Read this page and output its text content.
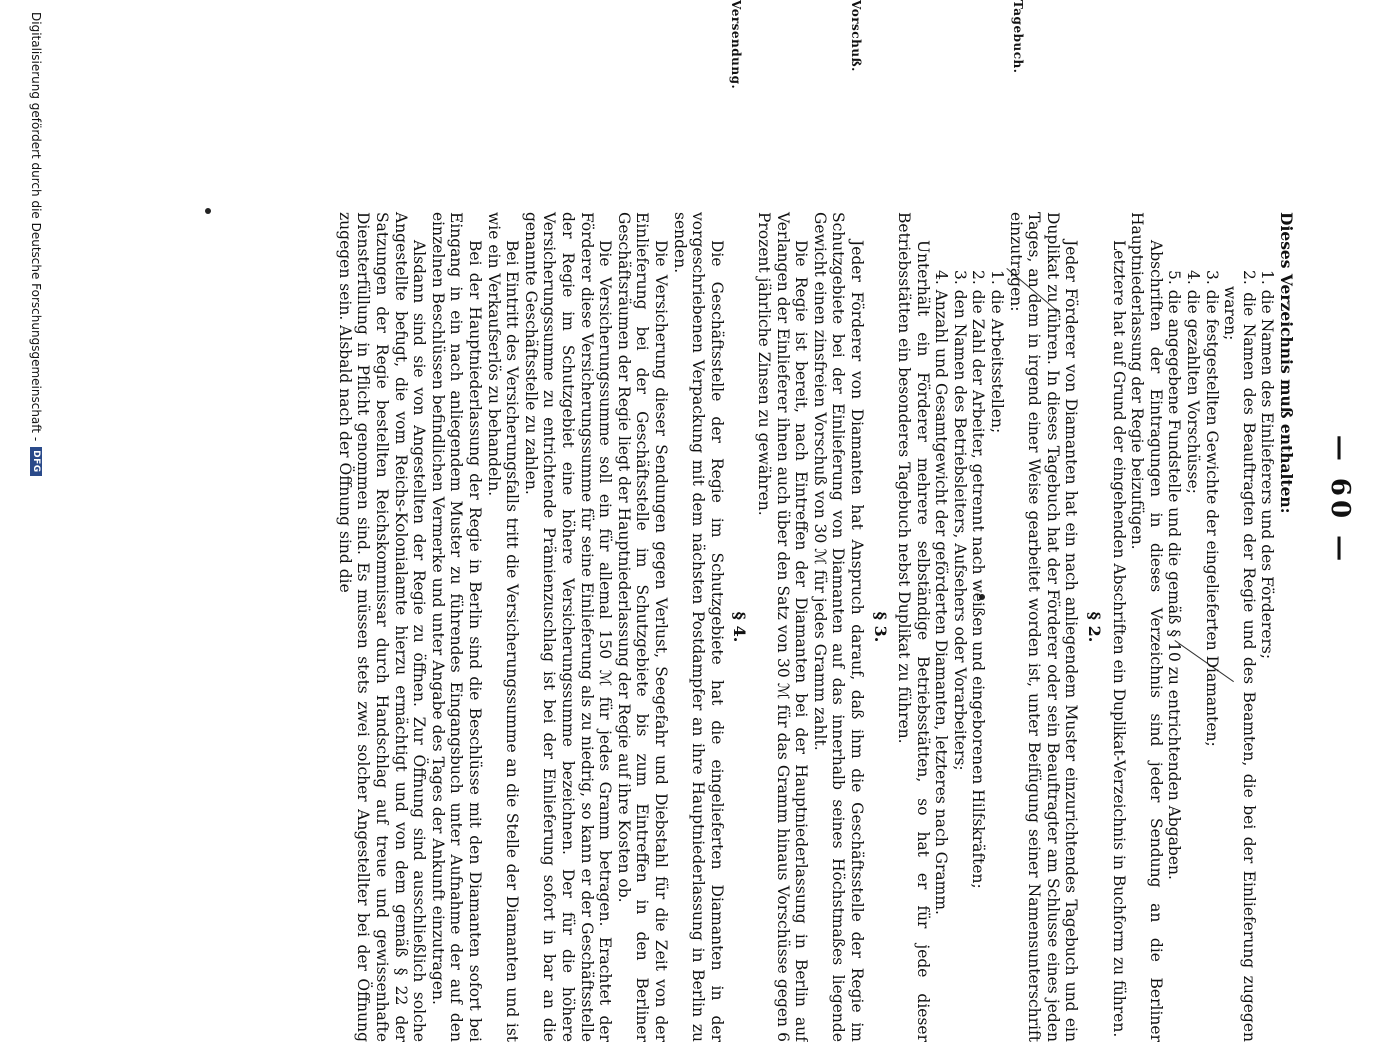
— 60 —
Tagebuch.
Vorschuß.
Versendung.

Dieses Verzeichnis muß enthalten:

1. die Namen des Einlieferers und des Förderers;

2. die Namen des Beauftragten der Regie und des Beamten, die bei der Einlieferung zugegen waren;

3. die festgestellten Gewichte der eingelieferten Diamanten;

4. die gezahlten Vorschüsse;

5. die angegebene Fundstelle und die gemäß § 10 zu entrichtenden Abgaben.

Abschriften der Eintragungen in dieses Verzeichnis sind jeder Sendung an die Berliner Hauptniederlassung der Regie beizufügen.

Letztere hat auf Grund der eingehenden Abschriften ein Duplikat-Verzeichnis in Buchform zu führen.

§ 2.

Jeder Förderer von Diamanten hat ein nach anliegendem Muster einzurichtendes Tagebuch und ein Duplikat zu führen. In dieses Tagebuch hat der Förderer oder sein Beauftragter am Schlusse eines jeden Tages, an dem in irgend einer Weise gearbeitet worden ist, unter Beifügung seiner Namensunterschrift einzutragen:

1. die Arbeitsstellen;

2. die Zahl der Arbeiter, getrennt nach weißen und eingeborenen Hilfskräften;

3. den Namen des Betriebsleiters, Aufsehers oder Vorarbeiters;

4. Anzahl und Gesamtgewicht der geförderten Diamanten, letzteres nach Gramm.

Unterhält ein Förderer mehrere selbständige Betriebsstätten, so hat er für jede dieser Betriebsstätten ein besonderes Tagebuch nebst Duplikat zu führen.

§ 3.

Jeder Förderer von Diamanten hat Anspruch darauf, daß ihm die Geschäftsstelle der Regie im Schutzgebiete bei der Einlieferung von Diamanten auf das innerhalb seines Höchstmaßes liegende Gewicht einen zinsfreien Vorschuß von 30 ℳ für jedes Gramm zahlt.

Die Regie ist bereit, nach Eintreffen der Diamanten bei der Hauptniederlassung in Berlin auf Verlangen der Einlieferer ihnen auch über den Satz von 30 ℳ für das Gramm hinaus Vorschüsse gegen 6 Prozent jährliche Zinsen zu gewähren.

§ 4.

Die Geschäftsstelle der Regie im Schutzgebiete hat die eingelieferten Diamanten in der vorgeschriebenen Verpackung mit dem nächsten Postdampfer an ihre Hauptniederlassung in Berlin zu senden.

Die Versicherung dieser Sendungen gegen Verlust, Seegefahr und Diebstahl für die Zeit von der Einlieferung bei der Geschäftsstelle im Schutzgebiete bis zum Eintreffen in den Berliner Geschäftsräumen der Regie liegt der Hauptniederlassung der Regie auf ihre Kosten ob.

Die Versicherungssumme soll ein für allemal 150 ℳ für jedes Gramm betragen. Erachtet der Förderer diese Versicherungssumme für seine Einlieferung als zu niedrig, so kann er der Geschäftsstelle der Regie im Schutzgebiet eine höhere Versicherungssumme bezeichnen. Der für die höhere Versicherungssumme zu entrichtende Prämienzuschlag ist bei der Einlieferung sofort in bar an die genannte Geschäftsstelle zu zahlen.

Bei Eintritt des Versicherungsfalls tritt die Versicherungssumme an die Stelle der Diamanten und ist wie ein Verkaufserlös zu behandeln.

Bei der Hauptniederlassung der Regie in Berlin sind die Beschlüsse mit den Diamanten sofort bei Eingang in ein nach anliegendem Muster zu führendes Eingangsbuch unter Aufnahme der auf den einzelnen Beschlüssen befindlichen Vermerke und unter Angabe des Tages der Ankunft einzutragen.

Alsdann sind sie von Angestellten der Regie zu öffnen. Zur Öffnung sind ausschließlich solche Angestellte befugt, die vom Reichs-Kolonialamte hierzu ermächtigt und von dem gemäß § 22 der Satzungen der Regie bestellten Reichskommissar durch Handschlag auf treue und gewissenhafte Diensterfüllung in Pflicht genommen sind. Es müssen stets zwei solcher Angestellter bei der Öffnung zugegen sein. Alsbald nach der Öffnung sind die

Digitalisierung gefördert durch die Deutsche Forschungsgemeinschaft -
DFG
